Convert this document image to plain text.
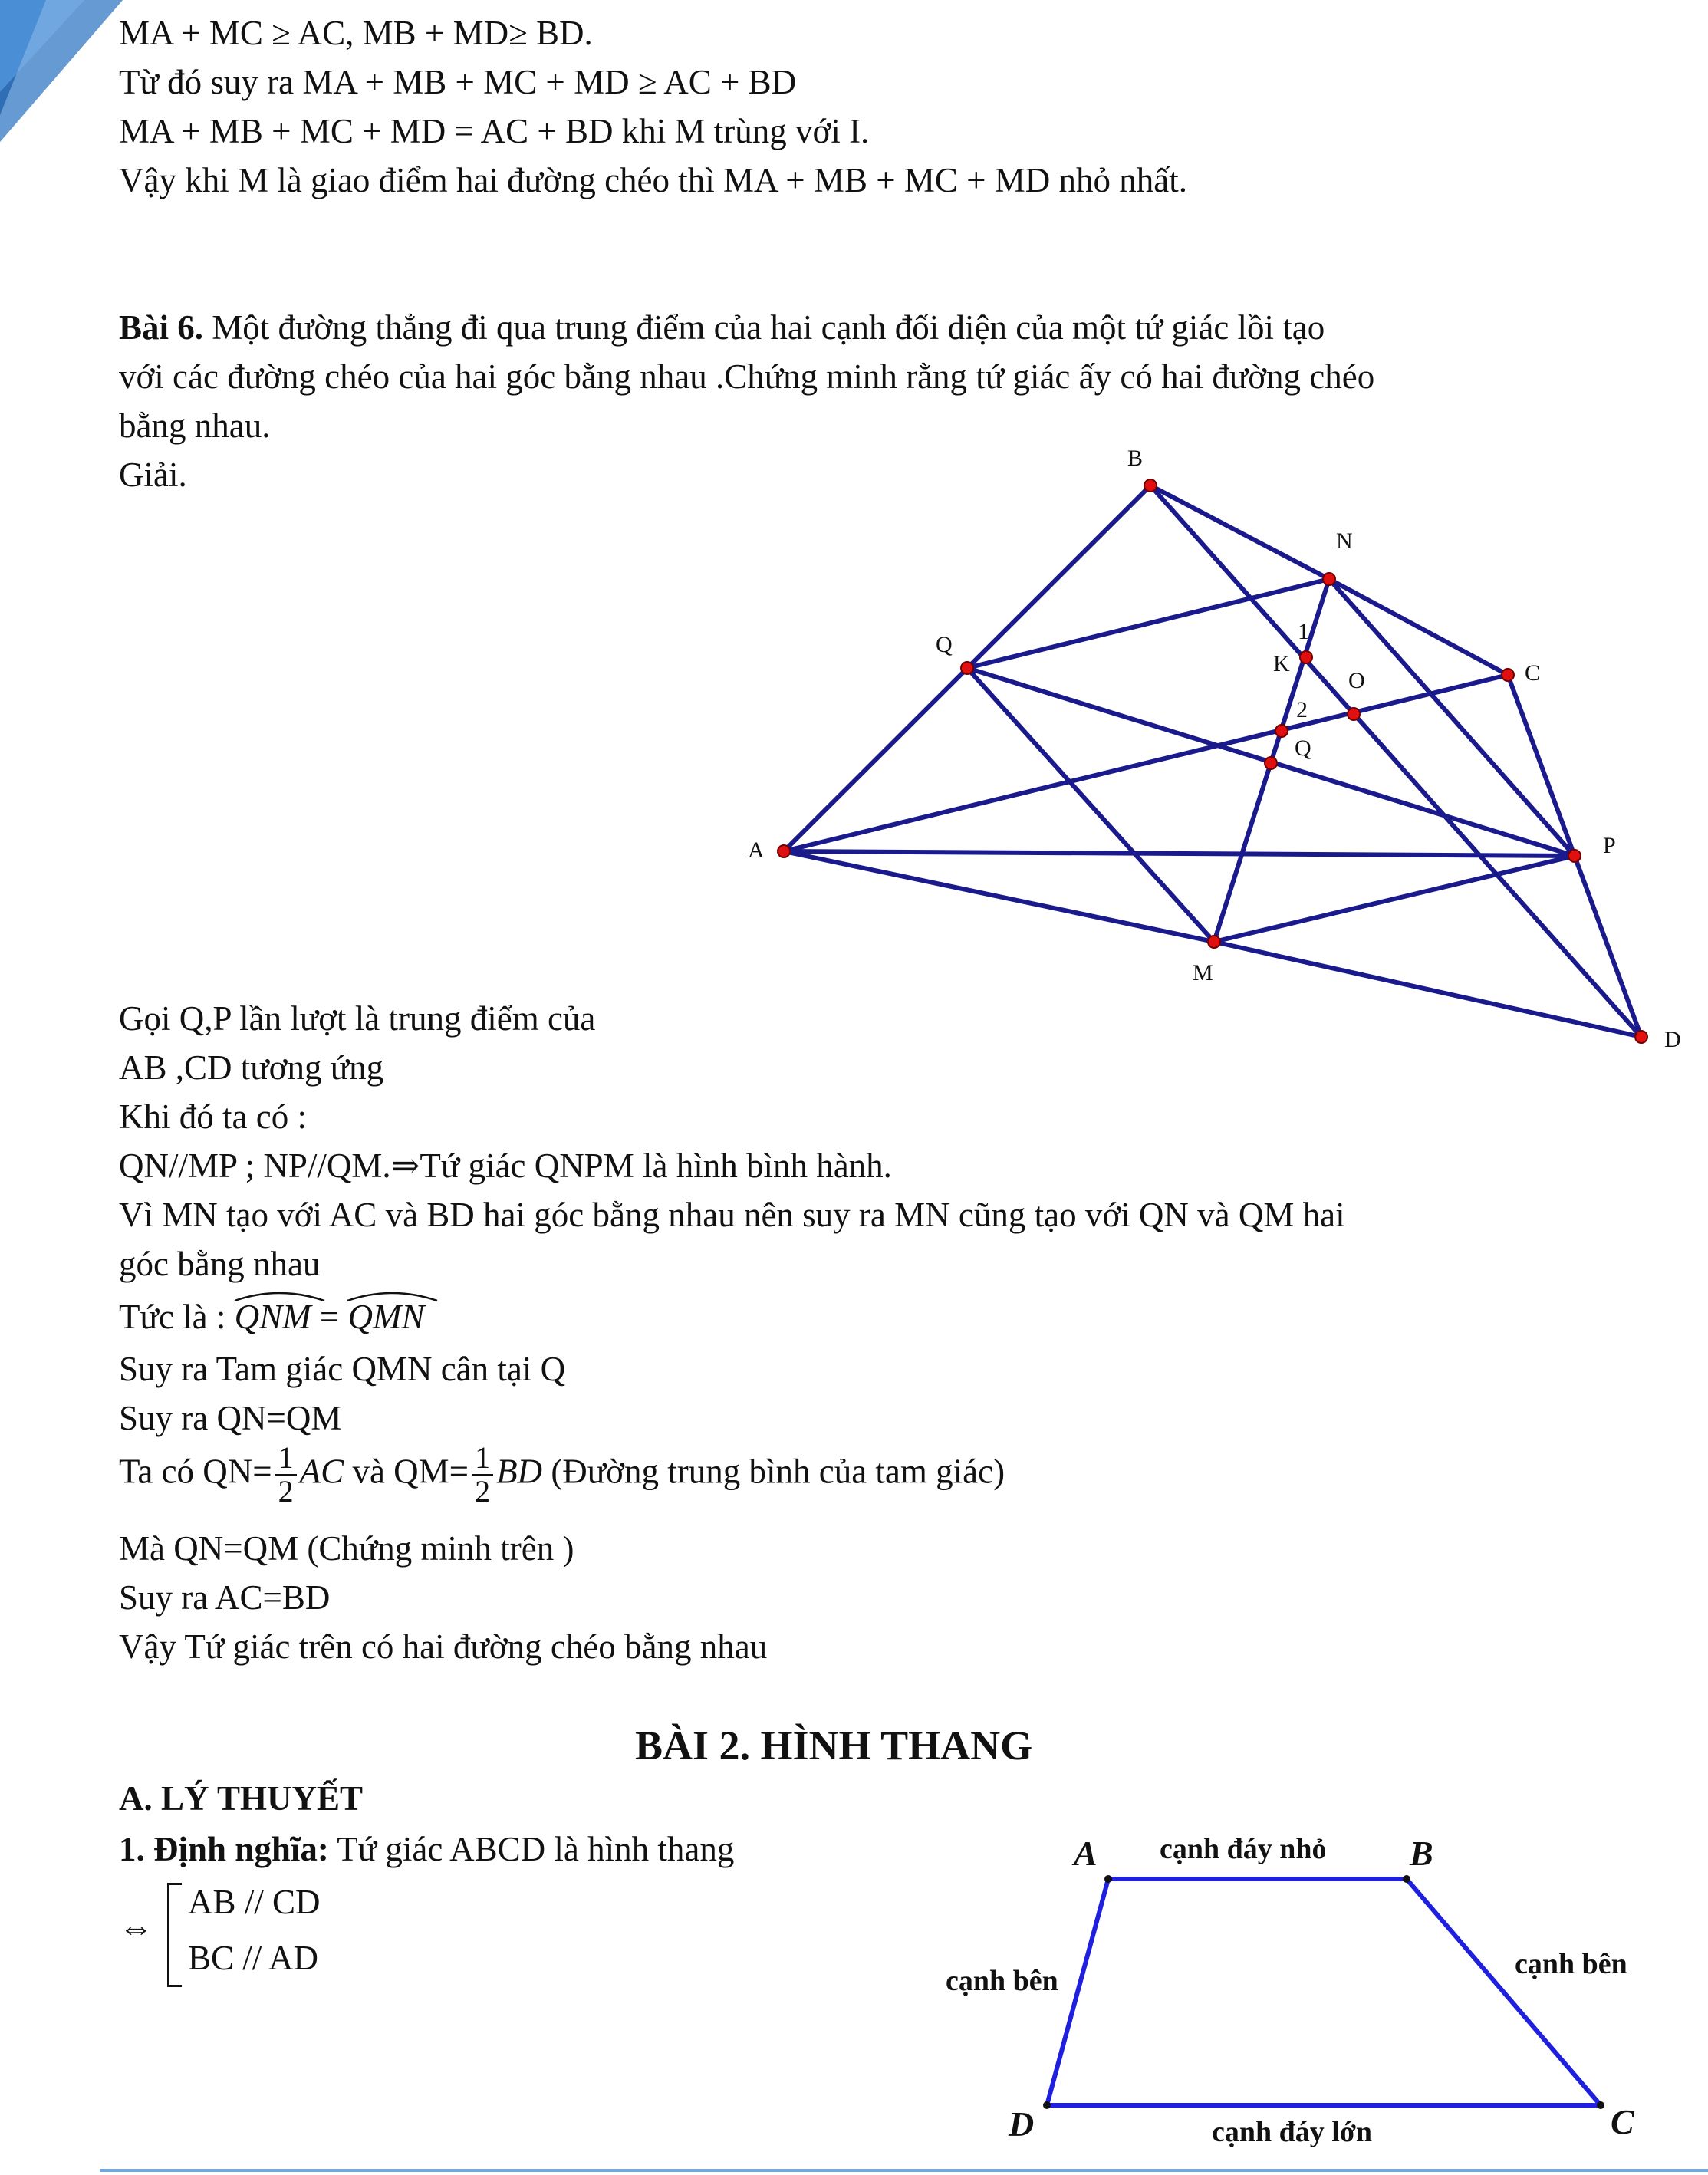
MA + MC ≥ AC, MB + MD≥ BD.
Từ đó suy ra MA + MB + MC + MD ≥ AC + BD
MA + MB + MC + MD = AC + BD khi M trùng với I.
Vậy khi M là giao điểm hai đường chéo thì MA + MB + MC + MD nhỏ nhất.
Bài 6. Một đường thẳng đi qua trung điểm của hai cạnh đối diện của một tứ giác lồi tạo
với các đường chéo của hai góc bằng nhau .Chứng minh rằng tứ giác ấy có hai đường chéo
bằng nhau.
Giải.	B
N
Q
C
1
K
O
2
Q
A	P
M
D
Gọi Q,P lần lượt là trung điểm của
AB ,CD tương ứng
Khi đó ta có :
QN//MP ; NP//QM.⇒Tứ giác QNPM là hình bình hành.
Vì MN tạo với AC và BD hai góc bằng nhau nên suy ra MN cũng tạo với QN và QM hai
góc bằng nhau
Tức là :
QNM =
QMN
Suy ra Tam giác QMN cân tại Q
Suy ra QN=QM
Ta có $QN= \frac{1}{2}$ AC và $QM= \frac{1}{2}$ BD (Đường trung bình của tam giác)
Mà QN=QM (Chứng minh trên )
Suy ra AC=BD
Vậy Tứ giác trên có hai đường chéo bằng nhau
BÀI 2. HÌNH THANG
A. LÝ THUYẾT
1. Định nghĩa: Tứ giác ABCD là hình thang
⇔
AB // CD
BC // AD
A	B
C
D
cạnh đáy nhỏ
cạnh bên
cạnh bên
cạnh đáy lớn
